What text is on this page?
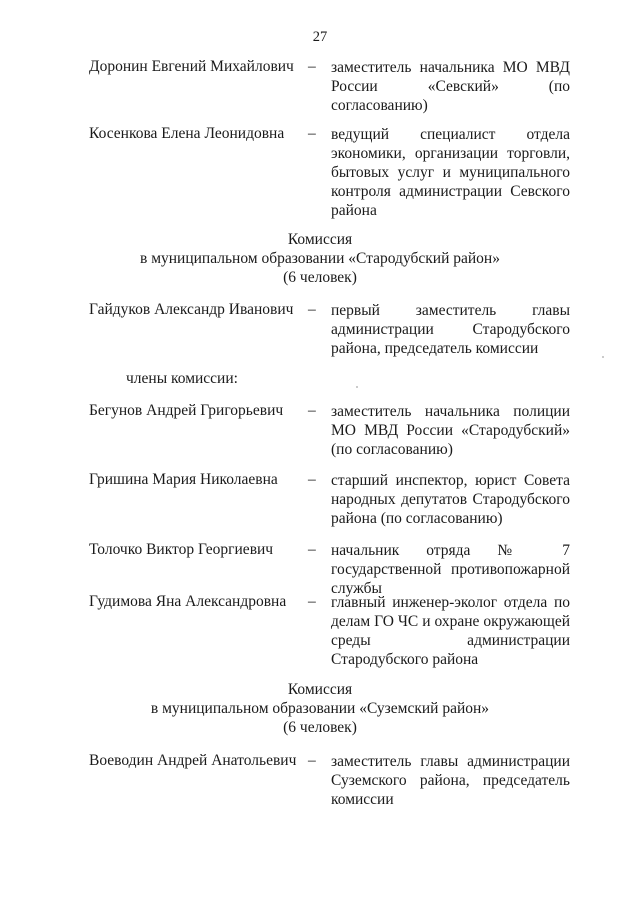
27
Доронин Евгений Михайлович – заместитель начальника МО МВД России «Севский» (по согласованию)
Косенкова Елена Леонидовна – ведущий специалист отдела экономики, организации торговли, бытовых услуг и муниципального контроля администрации Севского района
Комиссия
в муниципальном образовании «Стародубский район»
(6 человек)
Гайдуков Александр Иванович – первый заместитель главы администрации Стародубского района, председатель комиссии
члены комиссии:
Бегунов Андрей Григорьевич – заместитель начальника полиции МО МВД России «Стародубский» (по согласованию)
Гришина Мария Николаевна – старший инспектор, юрист Совета народных депутатов Стародубского района (по согласованию)
Толочко Виктор Георгиевич – начальник отряда № 7 государственной противопожарной службы
Гудимова Яна Александровна – главный инженер-эколог отдела по делам ГО ЧС и охране окружающей среды администрации Стародубского района
Комиссия
в муниципальном образовании «Суземский район»
(6 человек)
Воеводин Андрей Анатольевич – заместитель главы администрации Суземского района, председатель комиссии
